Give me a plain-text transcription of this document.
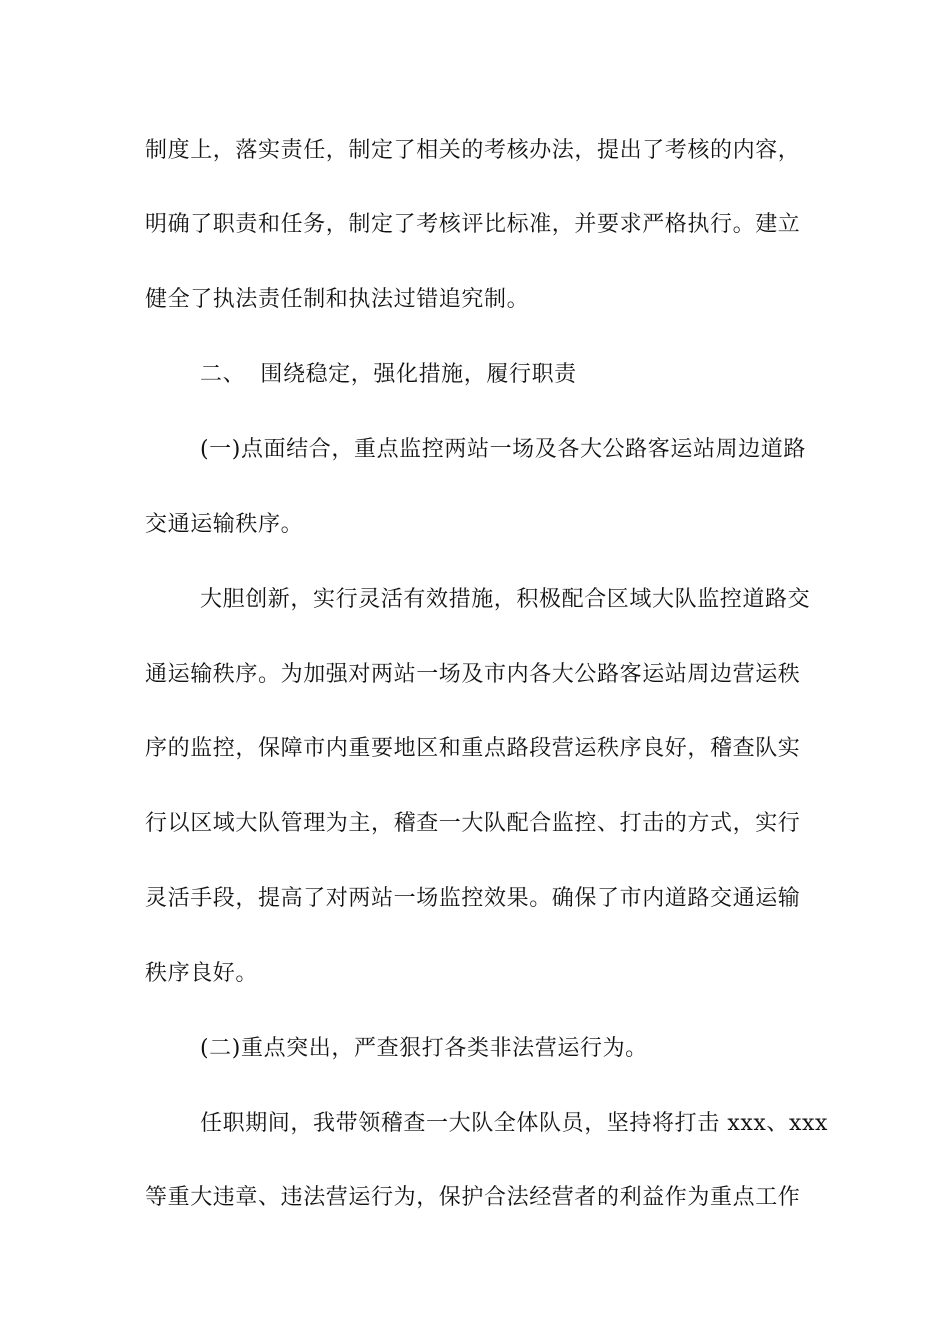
制度上，落实责任，制定了相关的考核办法，提出了考核的内容，
明确了职责和任务，制定了考核评比标准，并要求严格执行。建立
健全了执法责任制和执法过错追究制。
二、  围绕稳定，强化措施，履行职责
(一)点面结合，重点监控两站一场及各大公路客运站周边道路
交通运输秩序。
大胆创新，实行灵活有效措施，积极配合区域大队监控道路交
通运输秩序。为加强对两站一场及市内各大公路客运站周边营运秩
序的监控，保障市内重要地区和重点路段营运秩序良好，稽查队实
行以区域大队管理为主，稽查一大队配合监控、打击的方式，实行
灵活手段，提高了对两站一场监控效果。确保了市内道路交通运输
秩序良好。
(二)重点突出，严查狠打各类非法营运行为。
任职期间，我带领稽查一大队全体队员，坚持将打击 xxx、xxx
等重大违章、违法营运行为，保护合法经营者的利益作为重点工作
